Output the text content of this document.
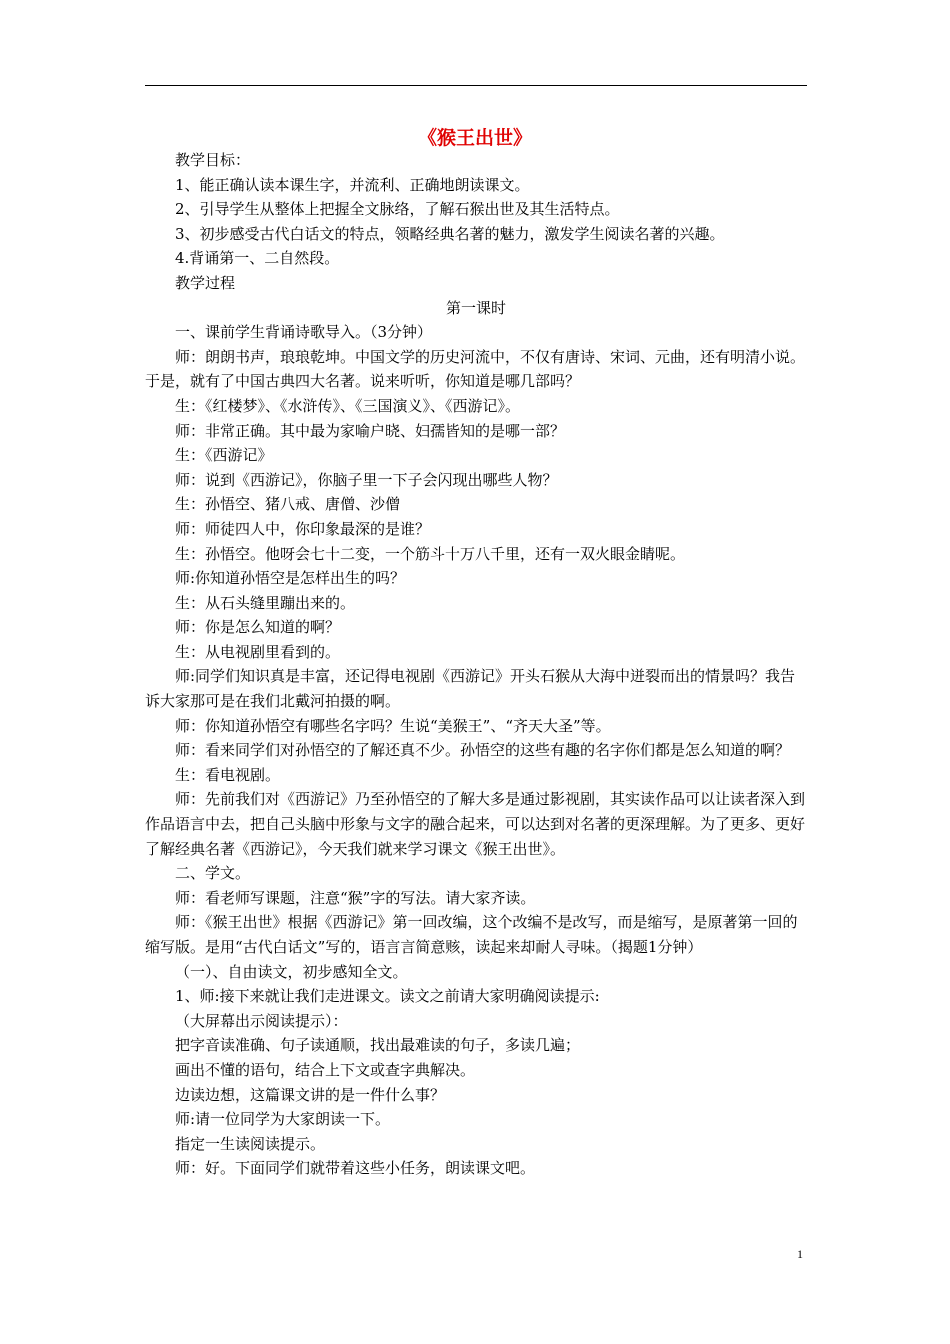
《猴王出世》

教学目标：

1、能正确认读本课生字，并流利、正确地朗读课文。

2、引导学生从整体上把握全文脉络，了解石猴出世及其生活特点。

3、初步感受古代白话文的特点，领略经典名著的魅力，激发学生阅读名著的兴趣。

4.背诵第一、二自然段。

教学过程

第一课时

一、课前学生背诵诗歌导入。（3分钟）

师：朗朗书声，琅琅乾坤。中国文学的历史河流中，不仅有唐诗、宋词、元曲，还有明清小说。于是，就有了中国古典四大名著。说来听听，你知道是哪几部吗？

生：《红楼梦》、《水浒传》、《三国演义》、《西游记》。

师：非常正确。其中最为家喻户晓、妇孺皆知的是哪一部？

生：《西游记》

师：说到《西游记》，你脑子里一下子会闪现出哪些人物？

生：孙悟空、猪八戒、唐僧、沙僧

师：师徒四人中，你印象最深的是谁？

生：孙悟空。他呀会七十二变，一个筋斗十万八千里，还有一双火眼金睛呢。

师:你知道孙悟空是怎样出生的吗？

生：从石头缝里蹦出来的。

师：你是怎么知道的啊？

生：从电视剧里看到的。

师:同学们知识真是丰富，还记得电视剧《西游记》开头石猴从大海中迸裂而出的情景吗？我告诉大家那可是在我们北戴河拍摄的啊。

师：你知道孙悟空有哪些名字吗？生说“美猴王”、“齐天大圣”等。

师：看来同学们对孙悟空的了解还真不少。孙悟空的这些有趣的名字你们都是怎么知道的啊？

生：看电视剧。

师：先前我们对《西游记》乃至孙悟空的了解大多是通过影视剧，其实读作品可以让读者深入到作品语言中去，把自己头脑中形象与文字的融合起来，可以达到对名著的更深理解。为了更多、更好了解经典名著《西游记》，今天我们就来学习课文《猴王出世》。

二、学文。

师：看老师写课题，注意“猴”字的写法。请大家齐读。

师：《猴王出世》根据《西游记》第一回改编，这个改编不是改写，而是缩写，是原著第一回的缩写版。是用“古代白话文”写的，语言言简意赅，读起来却耐人寻味。（揭题1分钟）

（一）、自由读文，初步感知全文。

1、师:接下来就让我们走进课文。读文之前请大家明确阅读提示:

（大屏幕出示阅读提示）：

把字音读准确、句子读通顺，找出最难读的句子，多读几遍；

画出不懂的语句，结合上下文或查字典解决。

边读边想，这篇课文讲的是一件什么事？

师:请一位同学为大家朗读一下。

指定一生读阅读提示。

师：好。下面同学们就带着这些小任务，朗读课文吧。

1
